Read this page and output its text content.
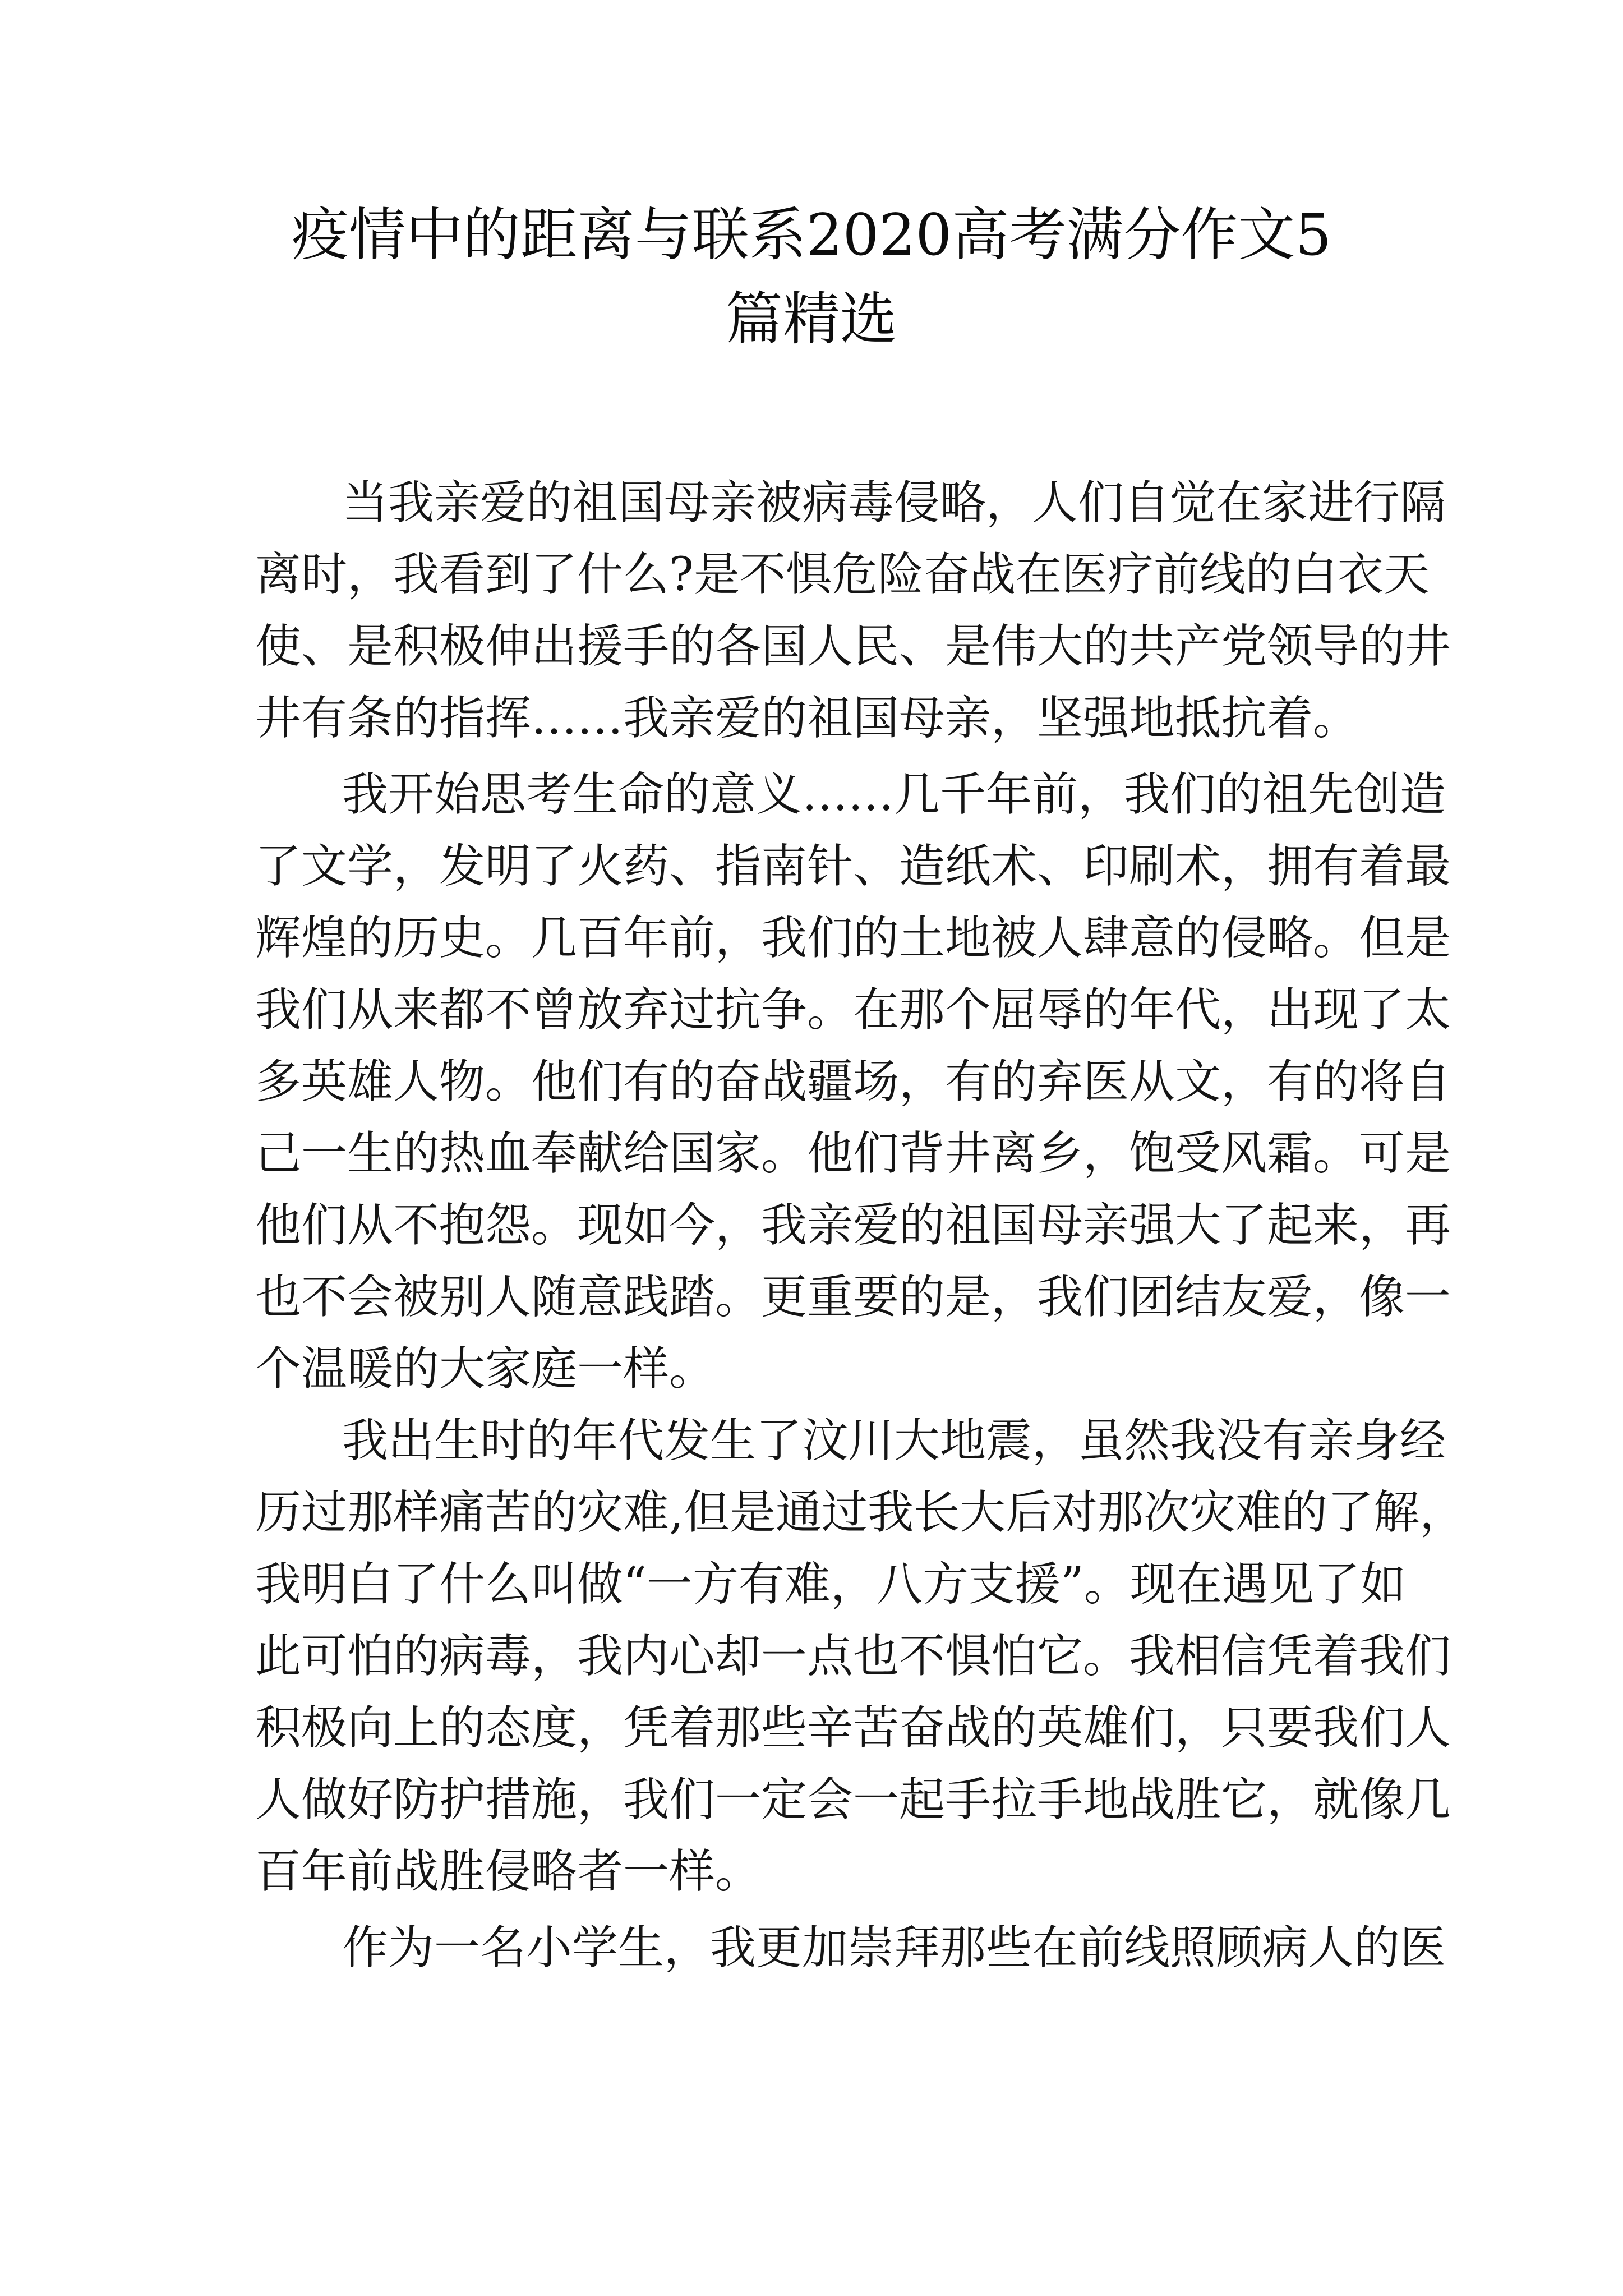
疫情中的距离与联系2020高考满分作文5
篇精选
当我亲爱的祖国母亲被病毒侵略，人们自觉在家进行隔
离时，我看到了什么?是不惧危险奋战在医疗前线的白衣天
使、是积极伸出援手的各国人民、是伟大的共产党领导的井
井有条的指挥……我亲爱的祖国母亲，坚强地抵抗着。
我开始思考生命的意义……几千年前，我们的祖先创造
了文学，发明了火药、指南针、造纸术、印刷术，拥有着最
辉煌的历史。几百年前，我们的土地被人肆意的侵略。但是
我们从来都不曾放弃过抗争。在那个屈辱的年代，出现了太
多英雄人物。他们有的奋战疆场，有的弃医从文，有的将自
己一生的热血奉献给国家。他们背井离乡，饱受风霜。可是
他们从不抱怨。现如今，我亲爱的祖国母亲强大了起来，再
也不会被别人随意践踏。更重要的是，我们团结友爱，像一
个温暖的大家庭一样。
我出生时的年代发生了汶川大地震，虽然我没有亲身经
历过那样痛苦的灾难,但是通过我长大后对那次灾难的了解，
我明白了什么叫做“一方有难，八方支援”。现在遇见了如
此可怕的病毒，我内心却一点也不惧怕它。我相信凭着我们
积极向上的态度，凭着那些辛苦奋战的英雄们，只要我们人
人做好防护措施，我们一定会一起手拉手地战胜它，就像几
百年前战胜侵略者一样。
作为一名小学生，我更加崇拜那些在前线照顾病人的医
